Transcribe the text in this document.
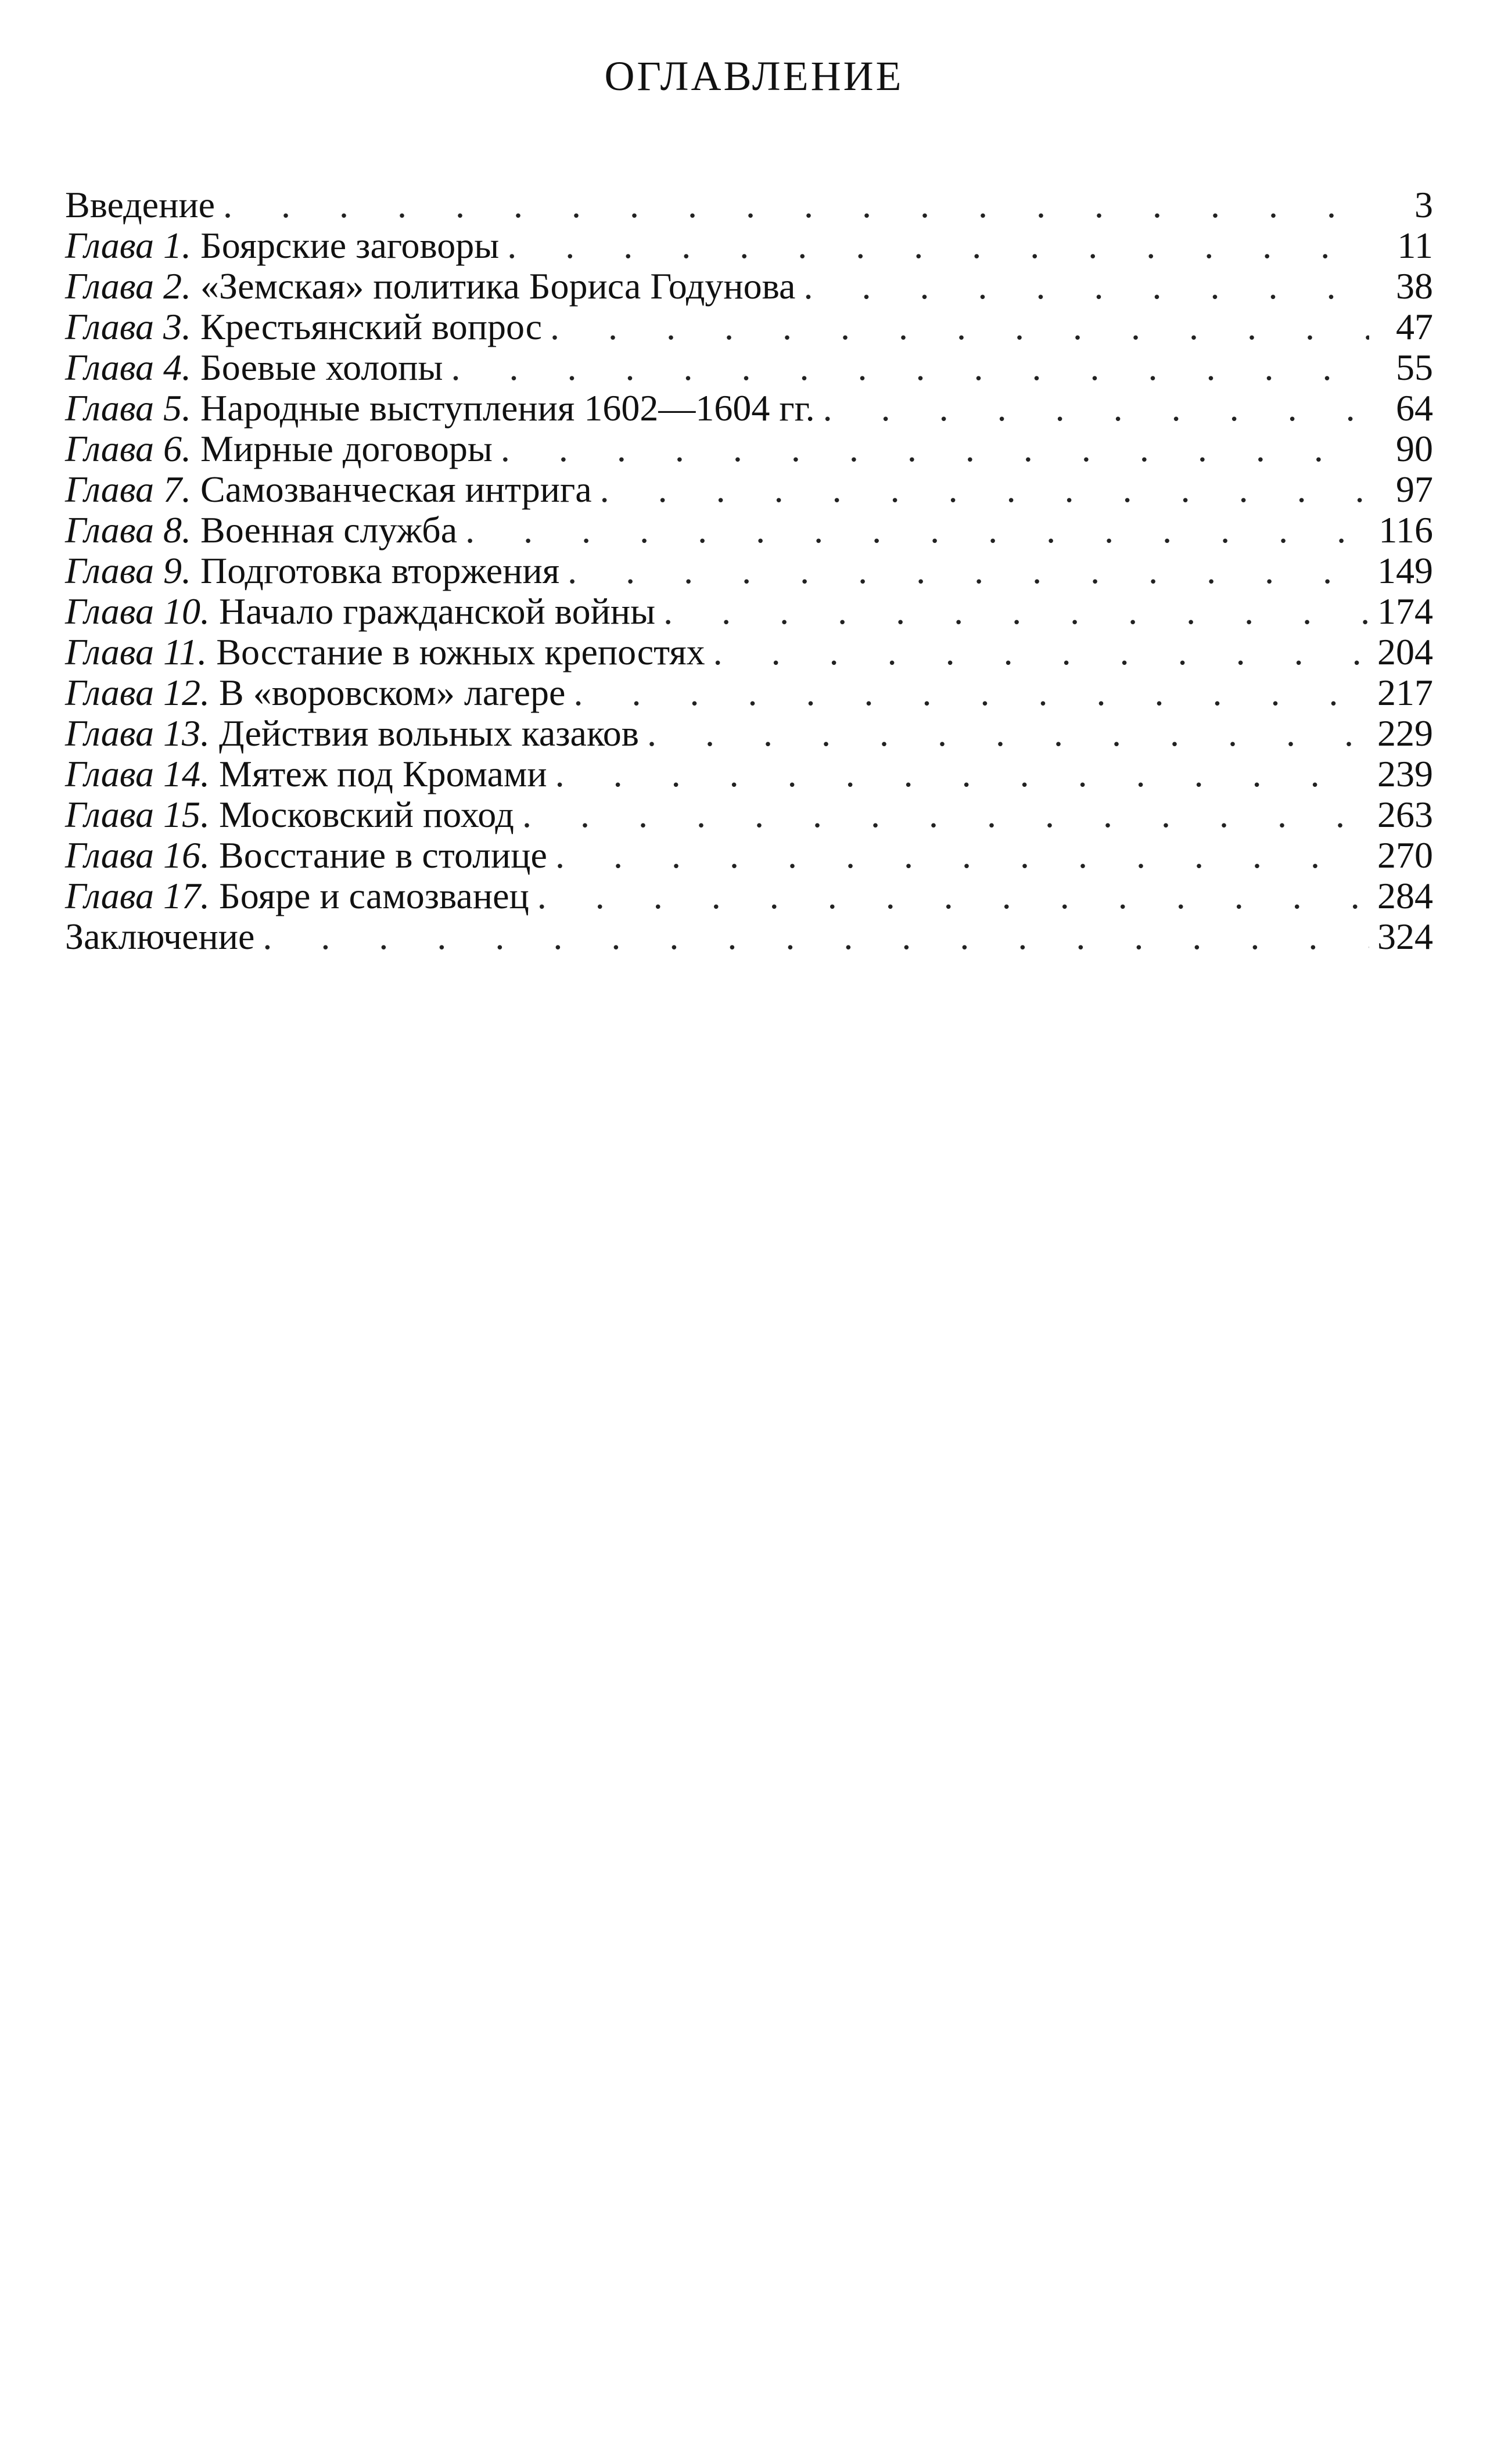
ОГЛАВЛЕНИЕ
Введение . . .	3
Глава 1. Боярские заговоры . . .	11
Глава 2. «Земская» политика Бориса Годунова . . .	38
Глава 3. Крестьянский вопрос . . .	47
Глава 4. Боевые холопы . . .	55
Глава 5. Народные выступления 1602—1604 гг. . . .	64
Глава 6. Мирные договоры . . .	90
Глава 7. Самозванческая интрига . . .	97
Глава 8. Военная служба . . .	116
Глава 9. Подготовка вторжения . . .	149
Глава 10. Начало гражданской войны . . .	174
Глава 11. Восстание в южных крепостях . . .	204
Глава 12. В «воровском» лагере . . .	217
Глава 13. Действия вольных казаков . . .	229
Глава 14. Мятеж под Кромами . . .	239
Глава 15. Московский поход . . .	263
Глава 16. Восстание в столице . . .	270
Глава 17. Бояре и самозванец . . .	284
Заключение . . .	324
